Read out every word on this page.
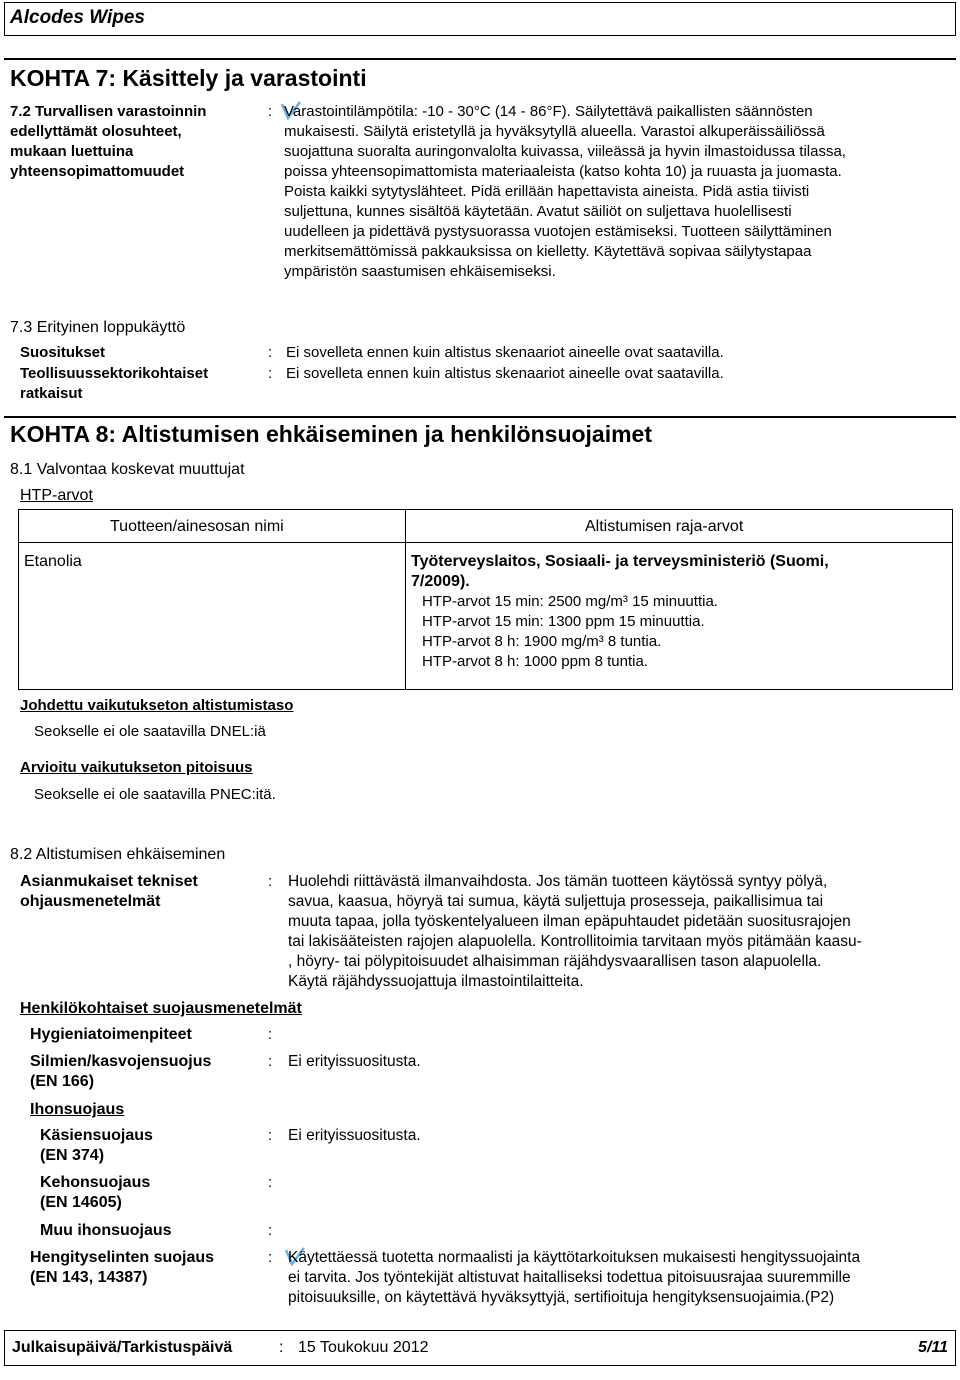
Alcodes Wipes
KOHTA 7: Käsittely ja varastointi
7.2 Turvallisen varastoinnin
edellyttämät olosuhteet,
mukaan luettuina
yhteensopimattomuudet
: Varastointilämpötila: -10 - 30°C (14 - 86°F). Säilytettävä paikallisten säännösten
mukaisesti. Säilytä eristetyllä ja hyväksytyllä alueella. Varastoi alkuperäissäiliössä
suojattuna suoralta auringonvalolta kuivassa, viileässä ja hyvin ilmastoidussa tilassa,
poissa yhteensopimattomista materiaaleista (katso kohta 10) ja ruuasta ja juomasta.
Poista kaikki sytytyslähteet. Pidä erillään hapettavista aineista. Pidä astia tiivisti
suljettuna, kunnes sisältöä käytetään. Avatut säiliöt on suljettava huolellisesti
uudelleen ja pidettävä pystysuorassa vuotojen estämiseksi. Tuotteen säilyttäminen
merkitsemättömissä pakkauksissa on kielletty. Käytettävä sopivaa säilytystapaa
ympäristön saastumisen ehkäisemiseksi.
7.3 Erityinen loppukäyttö
Suositukset	: Ei sovelleta ennen kuin altistus skenaariot aineelle ovat saatavilla.
Teollisuussektorikohtaiset
ratkaisut
: Ei sovelleta ennen kuin altistus skenaariot aineelle ovat saatavilla.
KOHTA 8: Altistumisen ehkäiseminen ja henkilönsuojaimet
8.1 Valvontaa koskevat muuttujat
HTP-arvot
Tuotteen/ainesosan nimi	Altistumisen raja-arvot
Etanolia	Työterveyslaitos, Sosiaali- ja terveysministeriö (Suomi,
7/2009).
HTP-arvot 15 min: 2500 mg/m³ 15 minuuttia.
HTP-arvot 15 min: 1300 ppm 15 minuuttia.
HTP-arvot 8 h: 1900 mg/m³ 8 tuntia.
HTP-arvot 8 h: 1000 ppm 8 tuntia.
Johdettu vaikutukseton altistumistaso
Seokselle ei ole saatavilla DNEL:iä
Arvioitu vaikutukseton pitoisuus
Seokselle ei ole saatavilla PNEC:itä.
8.2 Altistumisen ehkäiseminen
Asianmukaiset tekniset
ohjausmenetelmät
: Huolehdi riittävästä ilmanvaihdosta. Jos tämän tuotteen käytössä syntyy pölyä,
savua, kaasua, höyryä tai sumua, käytä suljettuja prosesseja, paikallisimua tai
muuta tapaa, jolla työskentelyalueen ilman epäpuhtaudet pidetään suositusrajojen
tai lakisääteisten rajojen alapuolella. Kontrollitoimia tarvitaan myös pitämään kaasu-
, höyry- tai pölypitoisuudet alhaisimman räjähdysvaarallisen tason alapuolella.
Käytä räjähdyssuojattuja ilmastointilaitteita.
Henkilökohtaiset suojausmenetelmät
Hygieniatoimenpiteet	:
Silmien/kasvojensuojus
(EN 166)
: Ei erityissuositusta.
Ihonsuojaus
Käsiensuojaus
(EN 374)
: Ei erityissuositusta.
Kehonsuojaus
(EN 14605)
:
Muu ihonsuojaus	:
Hengityselinten suojaus
(EN 143, 14387)
: Käytettäessä tuotetta normaalisti ja käyttötarkoituksen mukaisesti hengityssuojainta
ei tarvita. Jos työntekijät altistuvat haitalliseksi todettua pitoisuusrajaa suuremmille
pitoisuuksille, on käytettävä hyväksyttyjä, sertifioituja hengityksensuojaimia.(P2)
Julkaisupäivä/Tarkistuspäivä	: 15 Toukokuu 2012	5/11
